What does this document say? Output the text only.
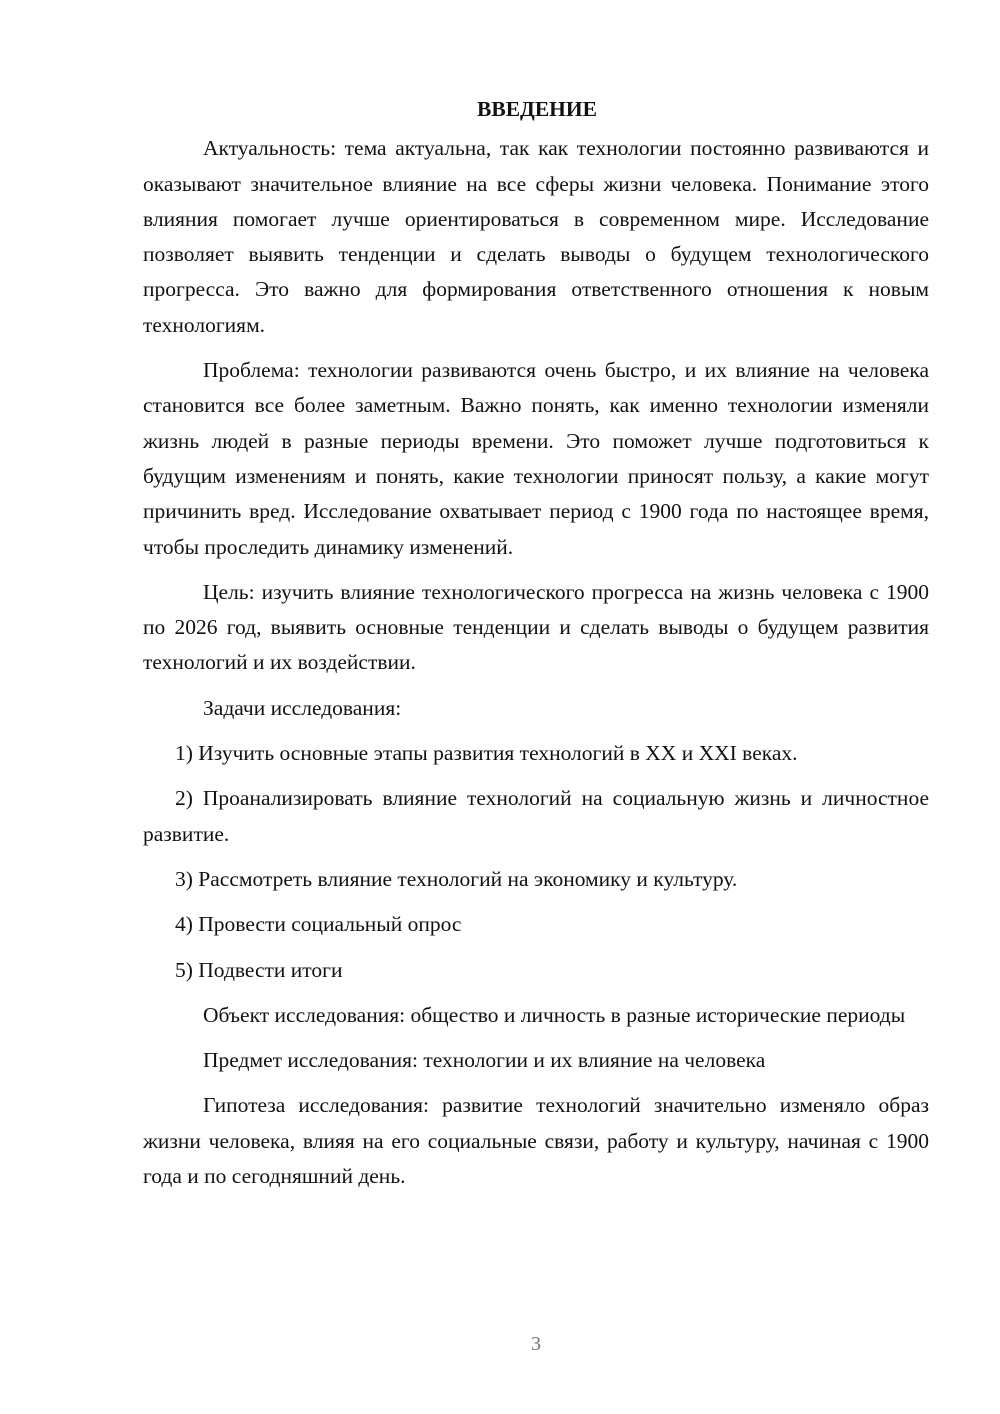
ВВЕДЕНИЕ

Актуальность: тема актуальна, так как технологии постоянно развиваются и оказывают значительное влияние на все сферы жизни человека. Понимание этого влияния помогает лучше ориентироваться в современном мире. Исследование позволяет выявить тенденции и сделать выводы о будущем технологического прогресса. Это важно для формирования ответственного отношения к новым технологиям.

Проблема: технологии развиваются очень быстро, и их влияние на человека становится все более заметным. Важно понять, как именно технологии изменяли жизнь людей в разные периоды времени. Это поможет лучше подготовиться к будущим изменениям и понять, какие технологии приносят пользу, а какие могут причинить вред. Исследование охватывает период с 1900 года по настоящее время, чтобы проследить динамику изменений.

Цель: изучить влияние технологического прогресса на жизнь человека с 1900 по 2026 год, выявить основные тенденции и сделать выводы о будущем развития технологий и их воздействии.

Задачи исследования:

1) Изучить основные этапы развития технологий в XX и XXI веках.

2) Проанализировать влияние технологий на социальную жизнь и личностное развитие.

3) Рассмотреть влияние технологий на экономику и культуру.

4) Провести социальный опрос

5) Подвести итоги

Объект исследования: общество и личность в разные исторические периоды

Предмет исследования: технологии и их влияние на человека

Гипотеза исследования: развитие технологий значительно изменяло образ жизни человека, влияя на его социальные связи, работу и культуру, начиная с 1900 года и по сегодняшний день.

3
